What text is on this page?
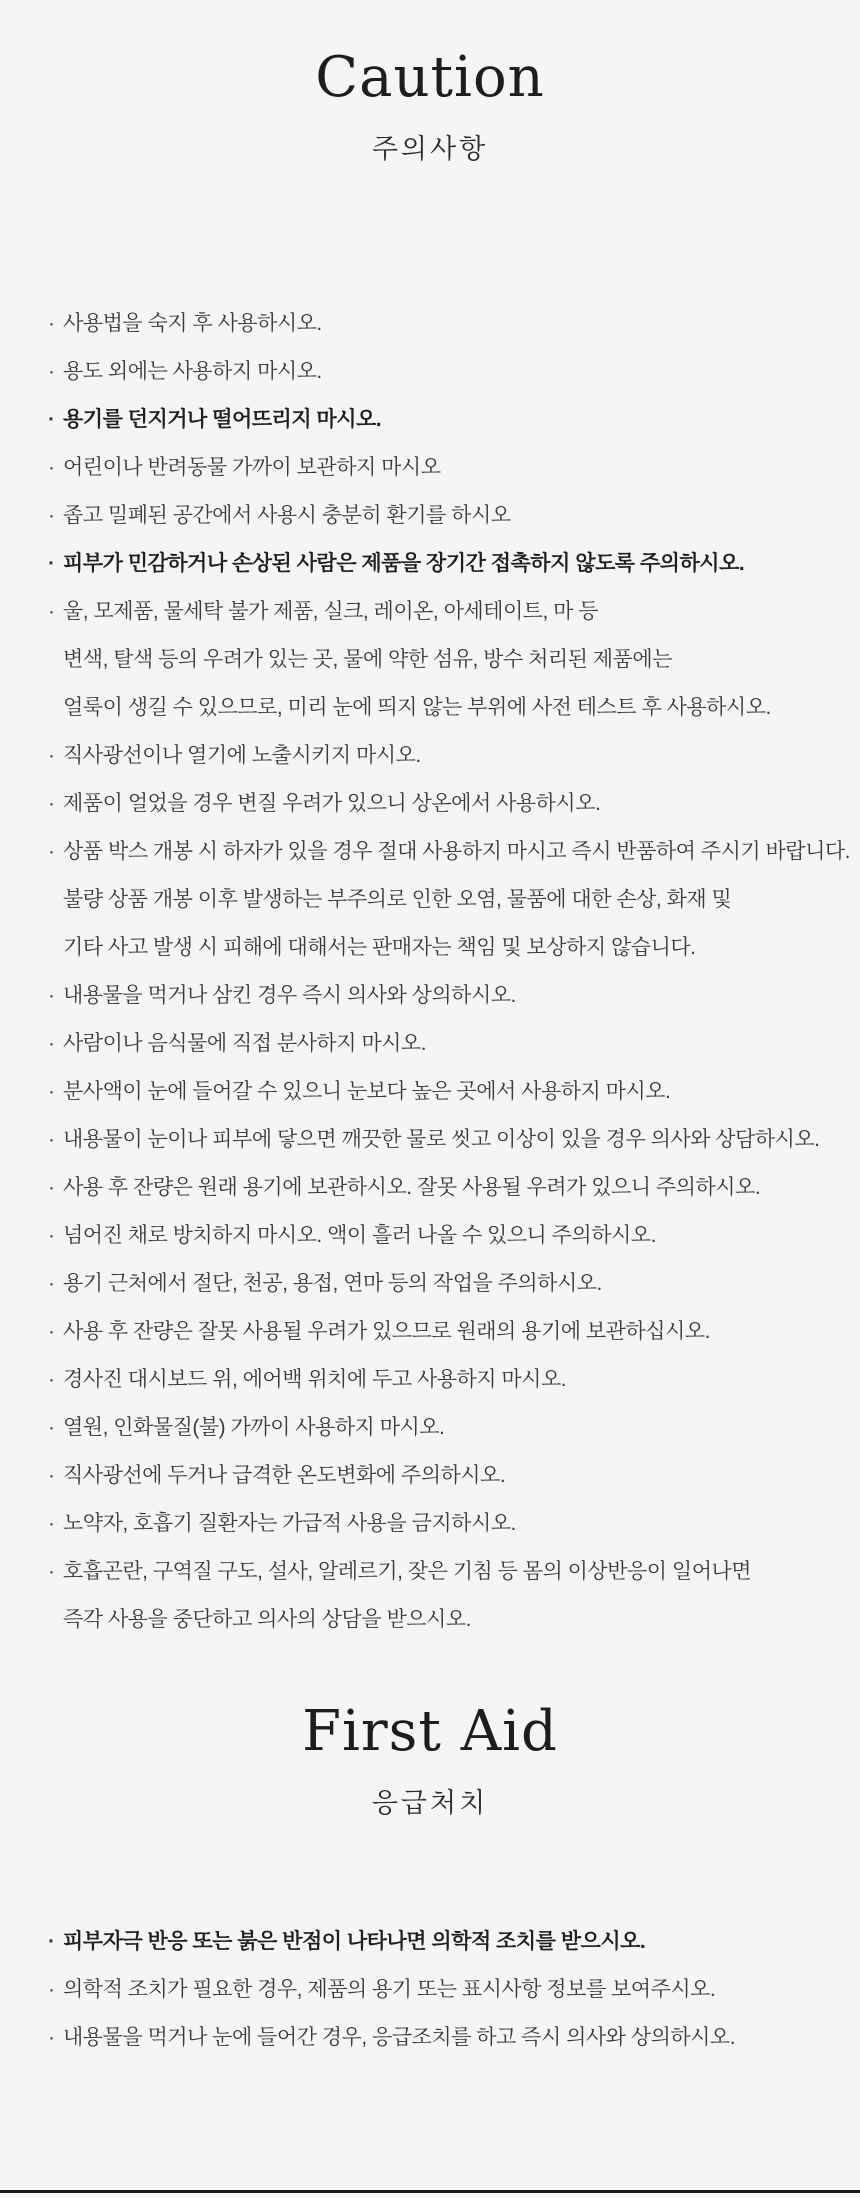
Caution
주의사항
· 사용법을 숙지 후 사용하시오.
· 용도 외에는 사용하지 마시오.
· 용기를 던지거나 떨어뜨리지 마시오.
· 어린이나 반려동물 가까이 보관하지 마시오
· 좁고 밀폐된 공간에서 사용시 충분히 환기를 하시오
· 피부가 민감하거나 손상된 사람은 제품을 장기간 접촉하지 않도록 주의하시오.
· 울, 모제품, 물세탁 불가 제품, 실크, 레이온, 아세테이트, 마 등
변색, 탈색 등의 우려가 있는 곳, 물에 약한 섬유, 방수 처리된 제품에는
얼룩이 생길 수 있으므로, 미리 눈에 띄지 않는 부위에 사전 테스트 후 사용하시오.
· 직사광선이나 열기에 노출시키지 마시오.
· 제품이 얼었을 경우 변질 우려가 있으니 상온에서 사용하시오.
· 상품 박스 개봉 시 하자가 있을 경우 절대 사용하지 마시고 즉시 반품하여 주시기 바랍니다.
불량 상품 개봉 이후 발생하는 부주의로 인한 오염, 물품에 대한 손상, 화재 및
기타 사고 발생 시 피해에 대해서는 판매자는 책임 및 보상하지 않습니다.
· 내용물을 먹거나 삼킨 경우 즉시 의사와 상의하시오.
· 사람이나 음식물에 직접 분사하지 마시오.
· 분사액이 눈에 들어갈 수 있으니 눈보다 높은 곳에서 사용하지 마시오.
· 내용물이 눈이나 피부에 닿으면 깨끗한 물로 씻고 이상이 있을 경우 의사와 상담하시오.
· 사용 후 잔량은 원래 용기에 보관하시오. 잘못 사용될 우려가 있으니 주의하시오.
· 넘어진 채로 방치하지 마시오. 액이 흘러 나올 수 있으니 주의하시오.
· 용기 근처에서 절단, 천공, 용접, 연마 등의 작업을 주의하시오.
· 사용 후 잔량은 잘못 사용될 우려가 있으므로 원래의 용기에 보관하십시오.
· 경사진 대시보드 위, 에어백 위치에 두고 사용하지 마시오.
· 열원, 인화물질(불) 가까이 사용하지 마시오.
· 직사광선에 두거나 급격한 온도변화에 주의하시오.
· 노약자, 호흡기 질환자는 가급적 사용을 금지하시오.
· 호흡곤란, 구역질 구도, 설사, 알레르기, 잦은 기침 등 몸의 이상반응이 일어나면
즉각 사용을 중단하고 의사의 상담을 받으시오.
First Aid
응급처치
· 피부자극 반응 또는 붉은 반점이 나타나면 의학적 조치를 받으시오.
· 의학적 조치가 필요한 경우, 제품의 용기 또는 표시사항 정보를 보여주시오.
· 내용물을 먹거나 눈에 들어간 경우, 응급조치를 하고 즉시 의사와 상의하시오.
